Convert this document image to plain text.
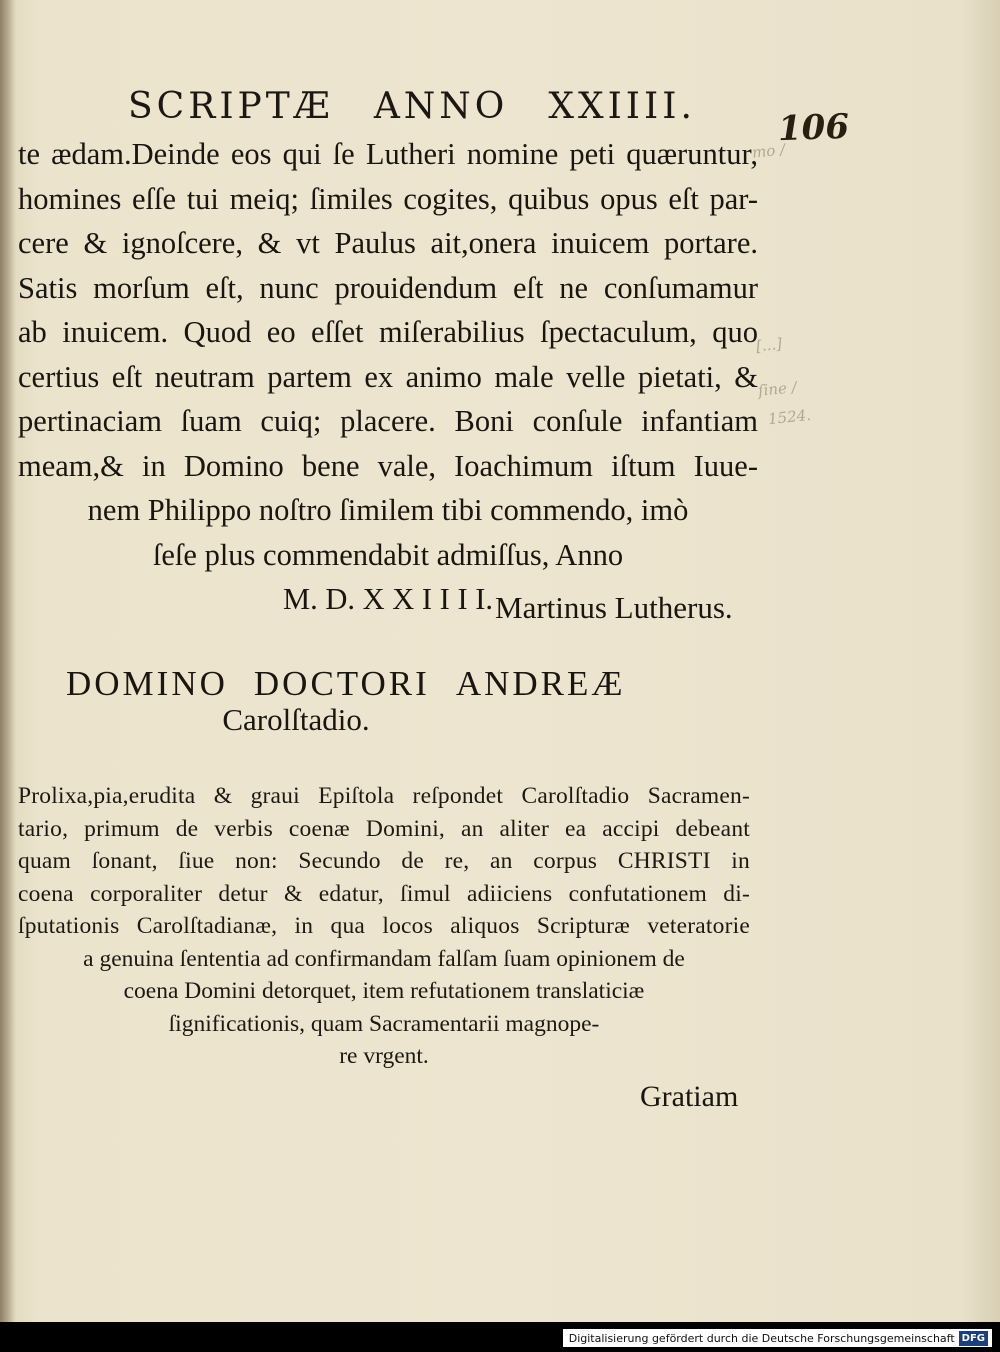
SCRIPTÆ ANNO XXIIII.
106
mo /
[...]
ſine /
1524.
te ædam.Deinde eos qui ſe Lutheri nomine peti quæruntur,
homines eſſe tui meiq; ſimiles cogites, quibus opus eſt par-
cere & ignoſcere, & vt Paulus ait,onera inuicem portare.
Satis morſum eſt, nunc prouidendum eſt ne conſumamur
ab inuicem. Quod eo eſſet miſerabilius ſpectaculum, quo
certius eſt neutram partem ex animo male velle pietati, &
pertinaciam ſuam cuiq; placere. Boni conſule infantiam
meam,& in Domino bene vale, Ioachimum iſtum Iuue-
nem Philippo noſtro ſimilem tibi commendo, imò
ſeſe plus commendabit admiſſus, Anno
M. D. X X I I I I. Martinus Lutherus.
DOMINO DOCTORI ANDREÆ
Carolſtadio.
Prolixa,pia,erudita & graui Epiſtola reſpondet Carolſtadio Sacramen-
tario, primum de verbis coenæ Domini, an aliter ea accipi debeant
quam ſonant, ſiue non: Secundo de re, an corpus CHRISTI in
coena corporaliter detur & edatur, ſimul adiiciens confutationem di-
ſputationis Carolſtadianæ, in qua locos aliquos Scripturæ veteratorie
a genuina ſententia ad confirmandam falſam ſuam opinionem de
coena Domini detorquet, item refutationem translaticiæ
ſignificationis, quam Sacramentarii magnope-
re vrgent.
Gratiam
Digitalisierung gefördert durch die Deutsche Forschungsgemeinschaft DFG
